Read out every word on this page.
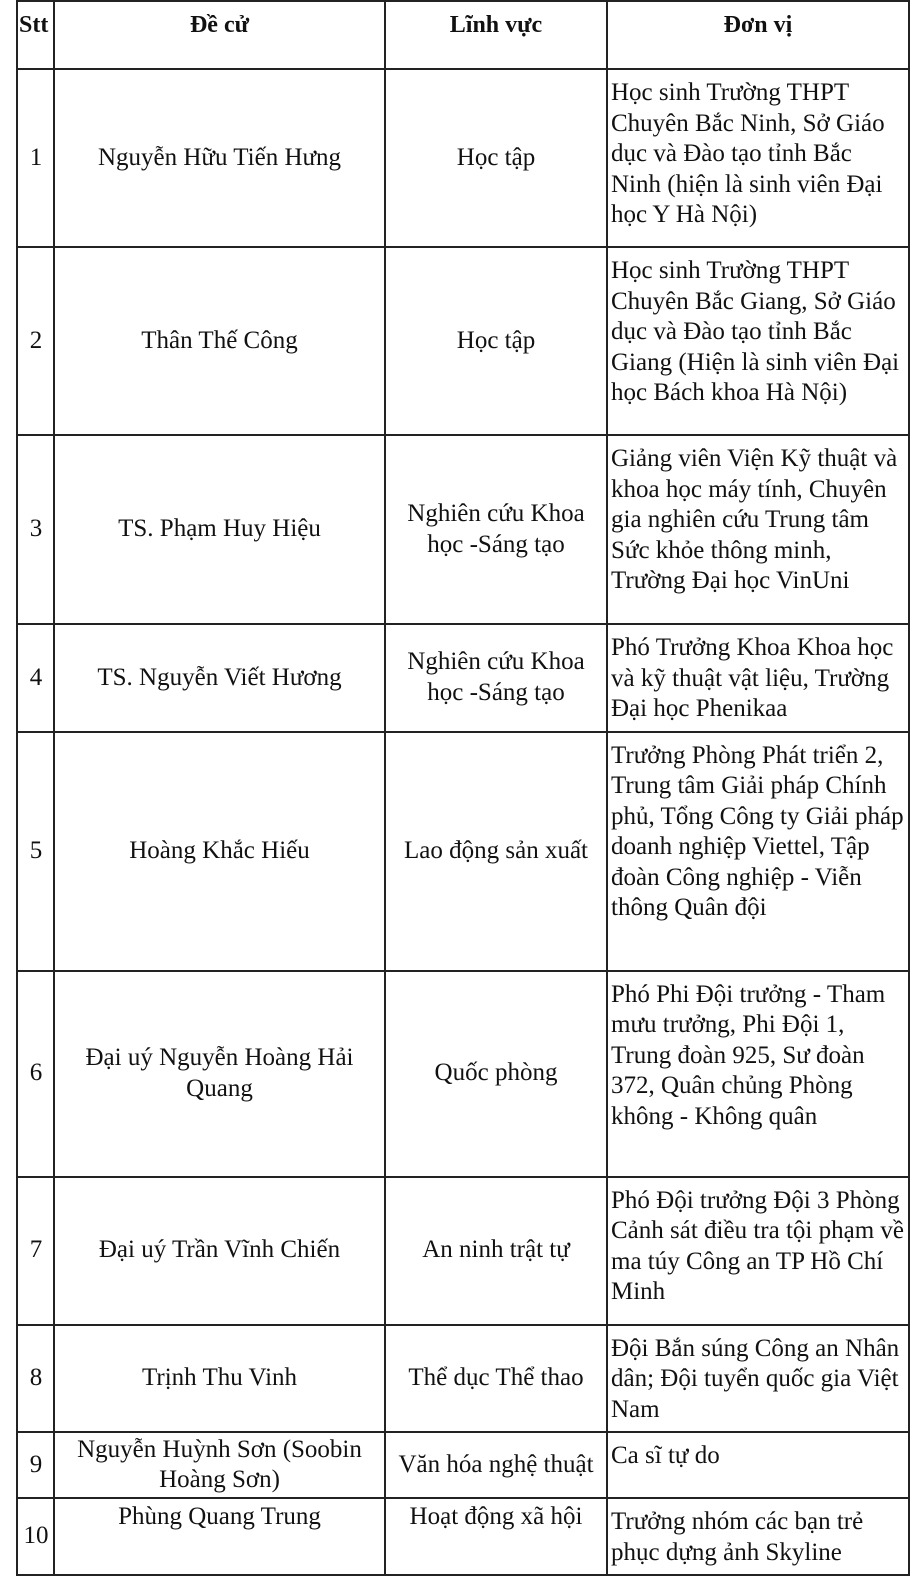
Stt	Đề cử	Lĩnh vực	Đơn vị
1	Nguyễn Hữu Tiến Hưng	Học tập	Học sinh Trường THPT Chuyên Bắc Ninh, Sở Giáo dục và Đào tạo tỉnh Bắc Ninh (hiện là sinh viên Đại học Y Hà Nội)
2	Thân Thế Công	Học tập	Học sinh Trường THPT Chuyên Bắc Giang, Sở Giáo dục và Đào tạo tỉnh Bắc Giang (Hiện là sinh viên Đại học Bách khoa Hà Nội)
3	TS. Phạm Huy Hiệu	Nghiên cứu Khoa học -Sáng tạo	Giảng viên Viện Kỹ thuật và khoa học máy tính, Chuyên gia nghiên cứu Trung tâm Sức khỏe thông minh, Trường Đại học VinUni
4	TS. Nguyễn Viết Hương	Nghiên cứu Khoa học -Sáng tạo	Phó Trưởng Khoa Khoa học và kỹ thuật vật liệu, Trường Đại học Phenikaa
5	Hoàng Khắc Hiếu	Lao động sản xuất	Trưởng Phòng Phát triển 2, Trung tâm Giải pháp Chính phủ, Tổng Công ty Giải pháp doanh nghiệp Viettel, Tập đoàn Công nghiệp - Viễn thông Quân đội
6	Đại uý Nguyễn Hoàng Hải Quang	Quốc phòng	Phó Phi Đội trưởng - Tham mưu trưởng, Phi Đội 1, Trung đoàn 925, Sư đoàn 372, Quân chủng Phòng không - Không quân
7	Đại uý Trần Vĩnh Chiến	An ninh trật tự	Phó Đội trưởng Đội 3 Phòng Cảnh sát điều tra tội phạm về ma túy Công an TP Hồ Chí Minh
8	Trịnh Thu Vinh	Thể dục Thể thao	Đội Bắn súng Công an Nhân dân; Đội tuyển quốc gia Việt Nam
9	Nguyễn Huỳnh Sơn (Soobin Hoàng Sơn)	Văn hóa nghệ thuật	Ca sĩ tự do
10	Phùng Quang Trung	Hoạt động xã hội	Trưởng nhóm các bạn trẻ phục dựng ảnh Skyline
